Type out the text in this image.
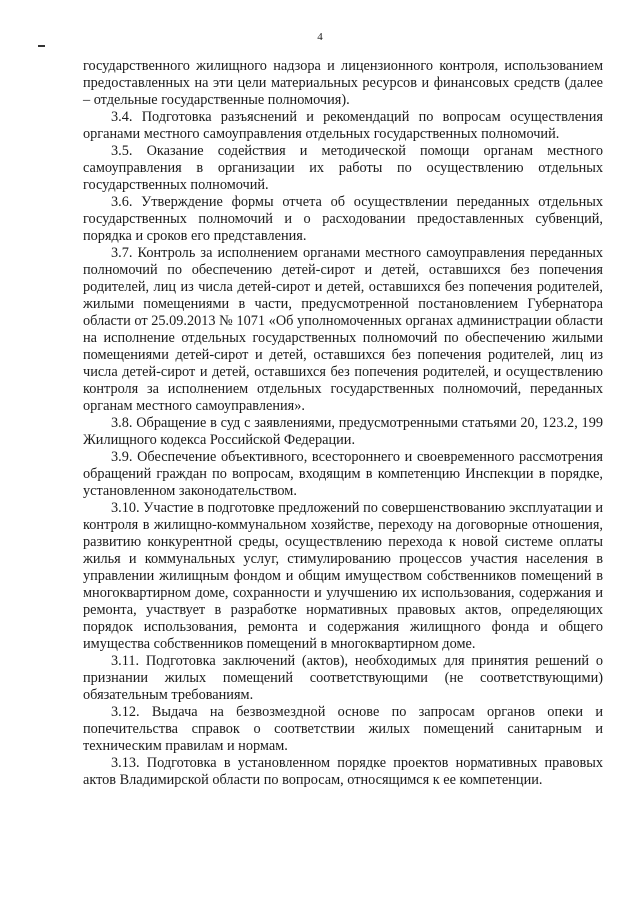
4

государственного жилищного надзора и лицензионного контроля, использованием предоставленных на эти цели материальных ресурсов и финансовых средств (далее – отдельные государственные полномочия).

3.4. Подготовка разъяснений и рекомендаций по вопросам осуществления органами местного самоуправления отдельных государственных полномочий.

3.5. Оказание содействия и методической помощи органам местного самоуправления в организации их работы по осуществлению отдельных государственных полномочий.

3.6. Утверждение формы отчета об осуществлении переданных отдельных государственных полномочий и о расходовании предоставленных субвенций, порядка и сроков его представления.

3.7. Контроль за исполнением органами местного самоуправления переданных полномочий по обеспечению детей-сирот и детей, оставшихся без попечения родителей, лиц из числа детей-сирот и детей, оставшихся без попечения родителей, жилыми помещениями в части, предусмотренной постановлением Губернатора области от 25.09.2013 № 1071 «Об уполномоченных органах администрации области на исполнение отдельных государственных полномочий по обеспечению жилыми помещениями детей-сирот и детей, оставшихся без попечения родителей, лиц из числа детей-сирот и детей, оставшихся без попечения родителей, и осуществлению контроля за исполнением отдельных государственных полномочий, переданных органам местного самоуправления».

3.8. Обращение в суд с заявлениями, предусмотренными статьями 20, 123.2, 199 Жилищного кодекса Российской Федерации.

3.9. Обеспечение объективного, всестороннего и своевременного рассмотрения обращений граждан по вопросам, входящим в компетенцию Инспекции в порядке, установленном законодательством.

3.10. Участие в подготовке предложений по совершенствованию эксплуатации и контроля в жилищно-коммунальном хозяйстве, переходу на договорные отношения, развитию конкурентной среды, осуществлению перехода к новой системе оплаты жилья и коммунальных услуг, стимулированию процессов участия населения в управлении жилищным фондом и общим имуществом собственников помещений в многоквартирном доме, сохранности и улучшению их использования, содержания и ремонта, участвует в разработке нормативных правовых актов, определяющих порядок использования, ремонта и содержания жилищного фонда и общего имущества собственников помещений в многоквартирном доме.

3.11. Подготовка заключений (актов), необходимых для принятия решений о признании жилых помещений соответствующими (не соответствующими) обязательным требованиям.

3.12. Выдача на безвозмездной основе по запросам органов опеки и попечительства справок о соответствии жилых помещений санитарным и техническим правилам и нормам.

3.13. Подготовка в установленном порядке проектов нормативных правовых актов Владимирской области по вопросам, относящимся к ее компетенции.
